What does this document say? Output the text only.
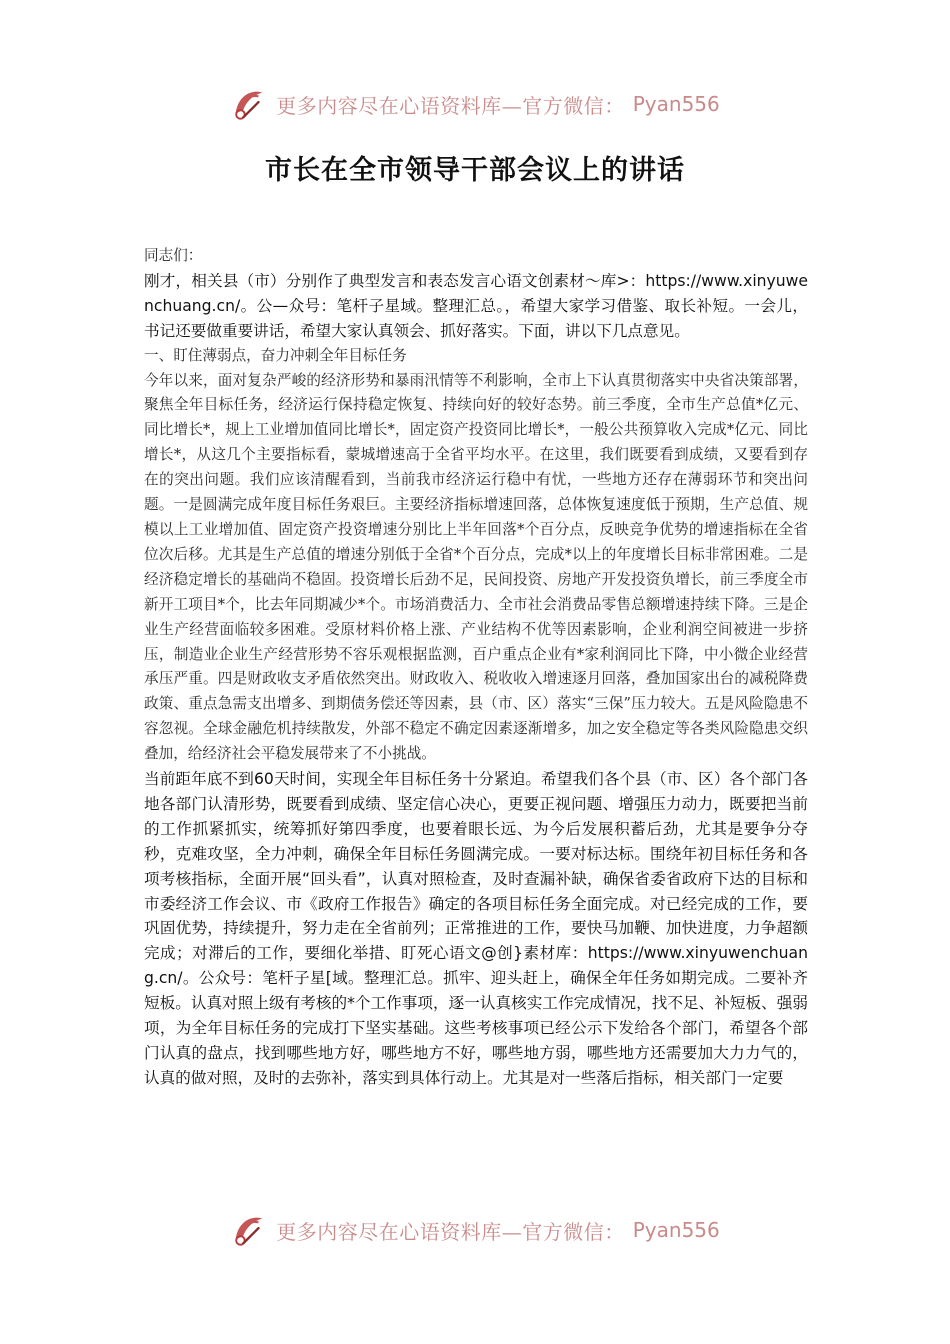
更多内容尽在心语资料库—官方微信： Pyan556
市长在全市领导干部会议上的讲话

同志们：

刚才，相关县（市）分别作了典型发言和表态发言心语文创素材～库>：https://www.xinyuwenchuang.cn/。公—众号：笔杆子星域。整理汇总。，希望大家学习借鉴、取长补短。一会儿，书记还要做重要讲话，希望大家认真领会、抓好落实。下面，讲以下几点意见。

一、盯住薄弱点，奋力冲刺全年目标任务

今年以来，面对复杂严峻的经济形势和暴雨汛情等不利影响，全市上下认真贯彻落实中央省决策部署，聚焦全年目标任务，经济运行保持稳定恢复、持续向好的较好态势。前三季度，全市生产总值*亿元、同比增长*，规上工业增加值同比增长*，固定资产投资同比增长*，一般公共预算收入完成*亿元、同比增长*，从这几个主要指标看，蒙城增速高于全省平均水平。在这里，我们既要看到成绩，又要看到存在的突出问题。我们应该清醒看到，当前我市经济运行稳中有忧，一些地方还存在薄弱环节和突出问题。一是圆满完成年度目标任务艰巨。主要经济指标增速回落，总体恢复速度低于预期，生产总值、规模以上工业增加值、固定资产投资增速分别比上半年回落*个百分点，反映竞争优势的增速指标在全省位次后移。尤其是生产总值的增速分别低于全省*个百分点，完成*以上的年度增长目标非常困难。二是经济稳定增长的基础尚不稳固。投资增长后劲不足，民间投资、房地产开发投资负增长，前三季度全市新开工项目*个，比去年同期减少*个。市场消费活力、全市社会消费品零售总额增速持续下降。三是企业生产经营面临较多困难。受原材料价格上涨、产业结构不优等因素影响，企业利润空间被进一步挤压，制造业企业生产经营形势不容乐观根据监测，百户重点企业有*家利润同比下降，中小微企业经营承压严重。四是财政收支矛盾依然突出。财政收入、税收收入增速逐月回落，叠加国家出台的减税降费政策、重点急需支出增多、到期债务偿还等因素，县（市、区）落实“三保”压力较大。五是风险隐患不容忽视。全球金融危机持续散发，外部不稳定不确定因素逐渐增多，加之安全稳定等各类风险隐患交织叠加，给经济社会平稳发展带来了不小挑战。

当前距年底不到60天时间，实现全年目标任务十分紧迫。希望我们各个县（市、区）各个部门各地各部门认清形势，既要看到成绩、坚定信心决心，更要正视问题、增强压力动力，既要把当前的工作抓紧抓实，统筹抓好第四季度，也要着眼长远、为今后发展积蓄后劲，尤其是要争分夺秒，克难攻坚，全力冲刺，确保全年目标任务圆满完成。一要对标达标。围绕年初目标任务和各项考核指标，全面开展“回头看”，认真对照检查，及时查漏补缺，确保省委省政府下达的目标和市委经济工作会议、市《政府工作报告》确定的各项目标任务全面完成。对已经完成的工作，要巩固优势，持续提升，努力走在全省前列；正常推进的工作，要快马加鞭、加快进度，力争超额完成；对滞后的工作，要细化举措、盯死心语文@创}素材库：https://www.xinyuwenchuang.cn/。公众号：笔杆子星[域。整理汇总。抓牢、迎头赶上，确保全年任务如期完成。二要补齐短板。认真对照上级有考核的*个工作事项，逐一认真核实工作完成情况，找不足、补短板、强弱项，为全年目标任务的完成打下坚实基础。这些考核事项已经公示下发给各个部门，希望各个部门认真的盘点，找到哪些地方好，哪些地方不好，哪些地方弱，哪些地方还需要加大力力气的，认真的做对照，及时的去弥补，落实到具体行动上。尤其是对一些落后指标，相关部门一定要

更多内容尽在心语资料库—官方微信： Pyan556
